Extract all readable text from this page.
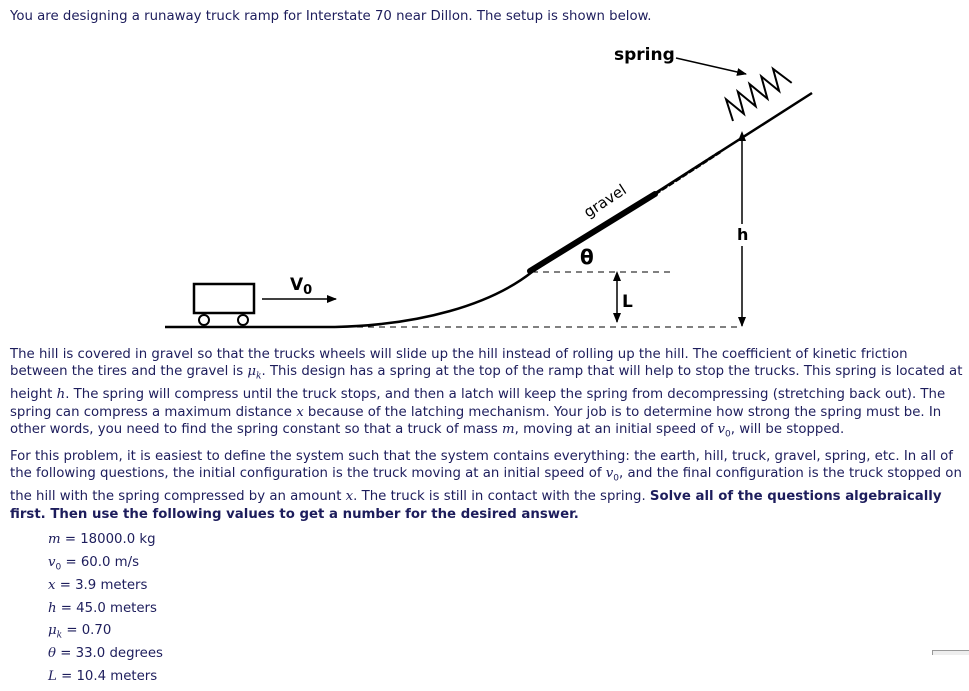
You are designing a runaway truck ramp for Interstate 70 near Dillon. The setup is shown below.

$V_0$
θ
L
h
gravel
spring

The hill is covered in gravel so that the trucks wheels will slide up the hill instead of rolling up the hill. The coefficient of kinetic friction between the tires and the gravel is $\mu_k$. This design has a spring at the top of the ramp that will help to stop the trucks. This spring is located at height h. The spring will compress until the truck stops, and then a latch will keep the spring from decompressing (stretching back out). The spring can compress a maximum distance x because of the latching mechanism. Your job is to determine how strong the spring must be. In other words, you need to find the spring constant so that a truck of mass m, moving at an initial speed of $v_0$, will be stopped.

For this problem, it is easiest to define the system such that the system contains everything: the earth, hill, truck, gravel, spring, etc. In all of the following questions, the initial configuration is the truck moving at an initial speed of $v_0$, and the final configuration is the truck stopped on the hill with the spring compressed by an amount x. The truck is still in contact with the spring. Solve all of the questions algebraically first. Then use the following values to get a number for the desired answer.

m = 18000.0 kg
$v_0 = 60.0$ m/s
x = 3.9 meters
h = 45.0 meters
$\mu_k = 0.70$
θ = 33.0 degrees
L = 10.4 meters
